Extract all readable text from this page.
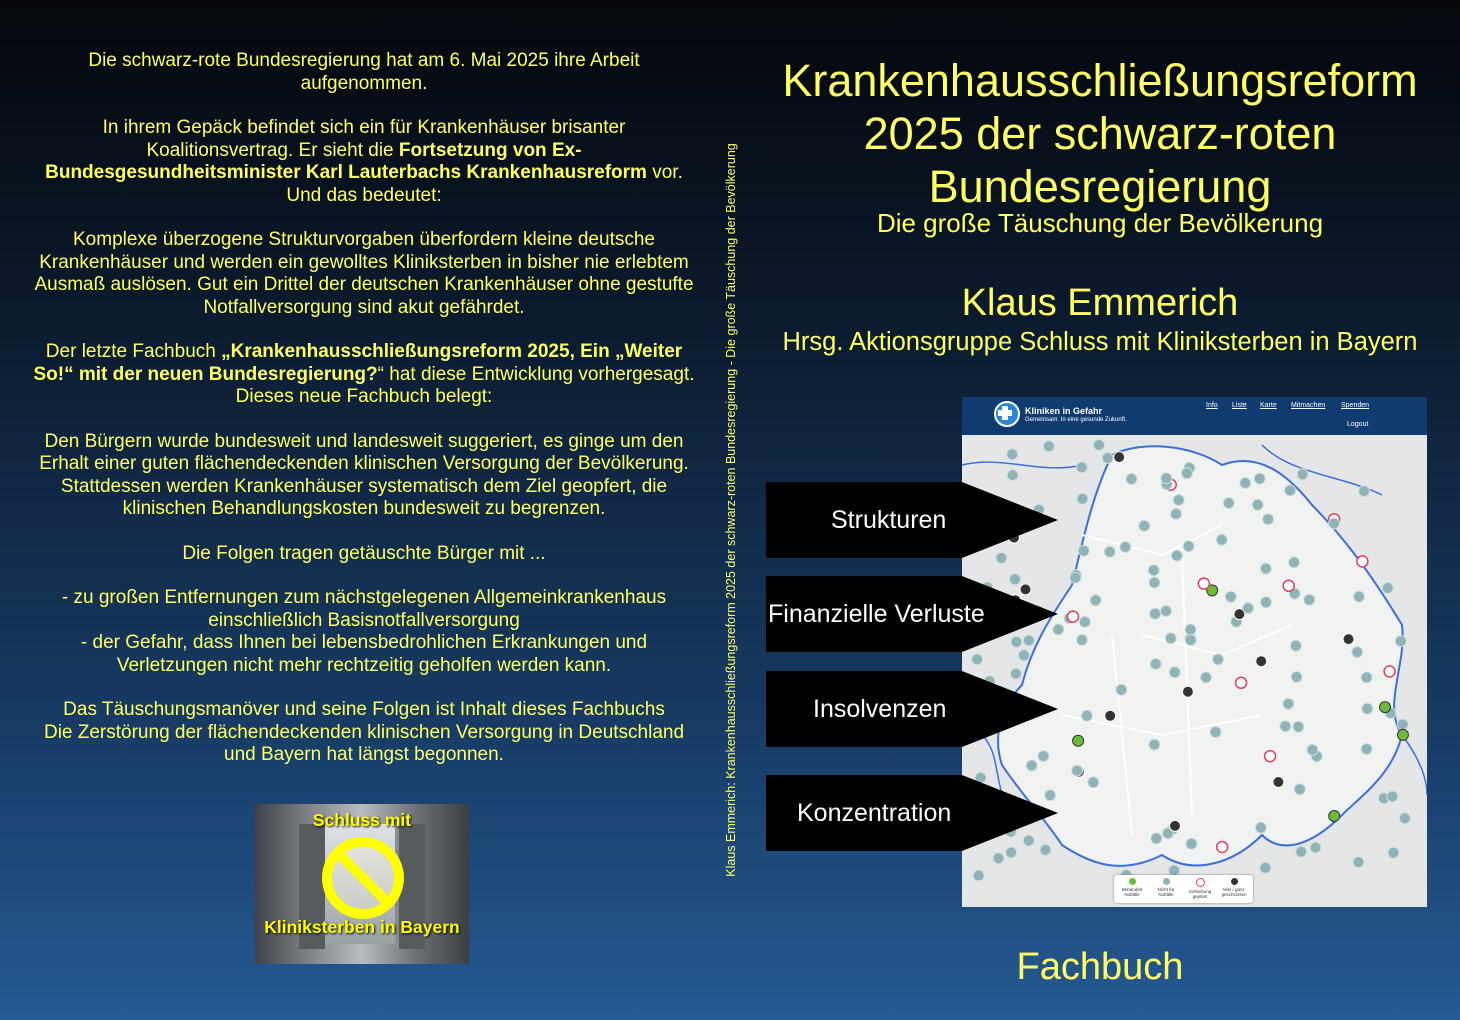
Die schwarz-rote Bundesregierung hat am 6. Mai 2025 ihre Arbeit aufgenommen.

In ihrem Gepäck befindet sich ein für Krankenhäuser brisanter Koalitionsvertrag. Er sieht die Fortsetzung von Ex-Bundesgesundheitsminister Karl Lauterbachs Krankenhausreform vor. Und das bedeutet:

Komplexe überzogene Strukturvorgaben überfordern kleine deutsche Krankenhäuser und werden ein gewolltes Kliniksterben in bisher nie erlebtem Ausmaß auslösen. Gut ein Drittel der deutschen Krankenhäuser ohne gestufte Notfallversorgung sind akut gefährdet.

Der letzte Fachbuch „Krankenhausschließungsreform 2025, Ein „Weiter So!“ mit der neuen Bundesregierung?“ hat diese Entwicklung vorhergesagt. Dieses neue Fachbuch belegt:

Den Bürgern wurde bundesweit und landesweit suggeriert, es ginge um den Erhalt einer guten flächendeckenden klinischen Versorgung der Bevölkerung. Stattdessen werden Krankenhäuser systematisch dem Ziel geopfert, die klinischen Behandlungskosten bundesweit zu begrenzen.

Die Folgen tragen getäuschte Bürger mit ...

- zu großen Entfernungen zum nächstgelegenen Allgemeinkrankenhaus einschließlich Basisnotfallversorgung
- der Gefahr, dass Ihnen bei lebensbedrohlichen Erkrankungen und Verletzungen nicht mehr rechtzeitig geholfen werden kann.

Das Täuschungsmanöver und seine Folgen ist Inhalt dieses Fachbuchs
Die Zerstörung der flächendeckenden klinischen Versorgung in Deutschland und Bayern hat längst begonnen.

Schluss mit
Kliniksterben in Bayern
Klaus Emmerich: Krankenhausschließungsreform 2025 der schwarz-roten Bundesregierung - Die große Täuschung der Bevölkerung
Krankenhausschließungsreform
2025 der schwarz-roten
Bundesregierung
Die große Täuschung der Bevölkerung
Klaus Emmerich
Hrsg. Aktionsgruppe Schluss mit Kliniksterben in Bayern
Kliniken in Gefahr
Gemeinsam. In eine gesunde Zukunft.
Info Liste Karte Mitmachen Spenden
Logout
Behandelt Notfälle
Nicht für Notfälle
Schließung geplant
teils / ganz geschlossen
Strukturen
Finanzielle Verluste
Insolvenzen
Konzentration
Fachbuch
